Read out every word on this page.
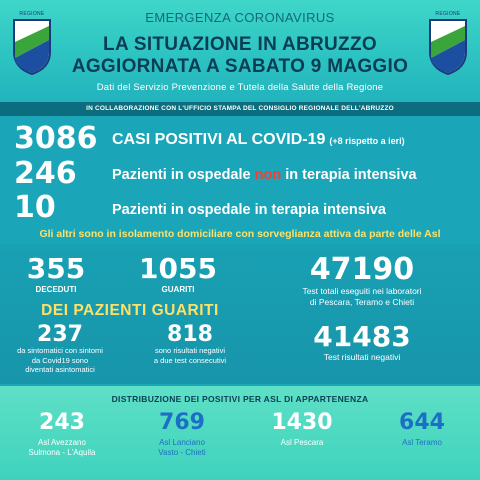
REGIONE	EMERGENZA CORONAVIRUS
LA SITUAZIONE IN ABRUZZO
AGGIORNATA A SABATO 9 MAGGIO
Dati del Servizio Prevenzione e Tutela della Salute della Regione
REGIONE
IN COLLABORAZIONE CON L'UFFICIO STAMPA DEL CONSIGLIO REGIONALE DELL'ABRUZZO
3086 CASI POSITIVI AL COVID-19 (+8 rispetto a ieri)
246 Pazienti in ospedale non in terapia intensiva
10	Pazienti in ospedale in terapia intensiva
Gli altri sono in isolamento domiciliare con sorveglianza attiva da parte delle Asl
355
DECEDUTI
1055
GUARITI
47190
Test totali eseguiti nei laboratori
di Pescara, Teramo e Chieti
DEI PAZIENTI GUARITI
237
da sintomatici con sintomi
da Covid19 sono
diventati asintomatici
818
sono risultati negativi
a due test consecutivi
41483
Test risultati negativi
DISTRIBUZIONE DEI POSITIVI PER ASL DI APPARTENENZA
243
Asl Avezzano
Sulmona - L'Aquila
769
Asl Lanciano
Vasto - Chieti
1430
Asl Pescara
644
Asl Teramo
